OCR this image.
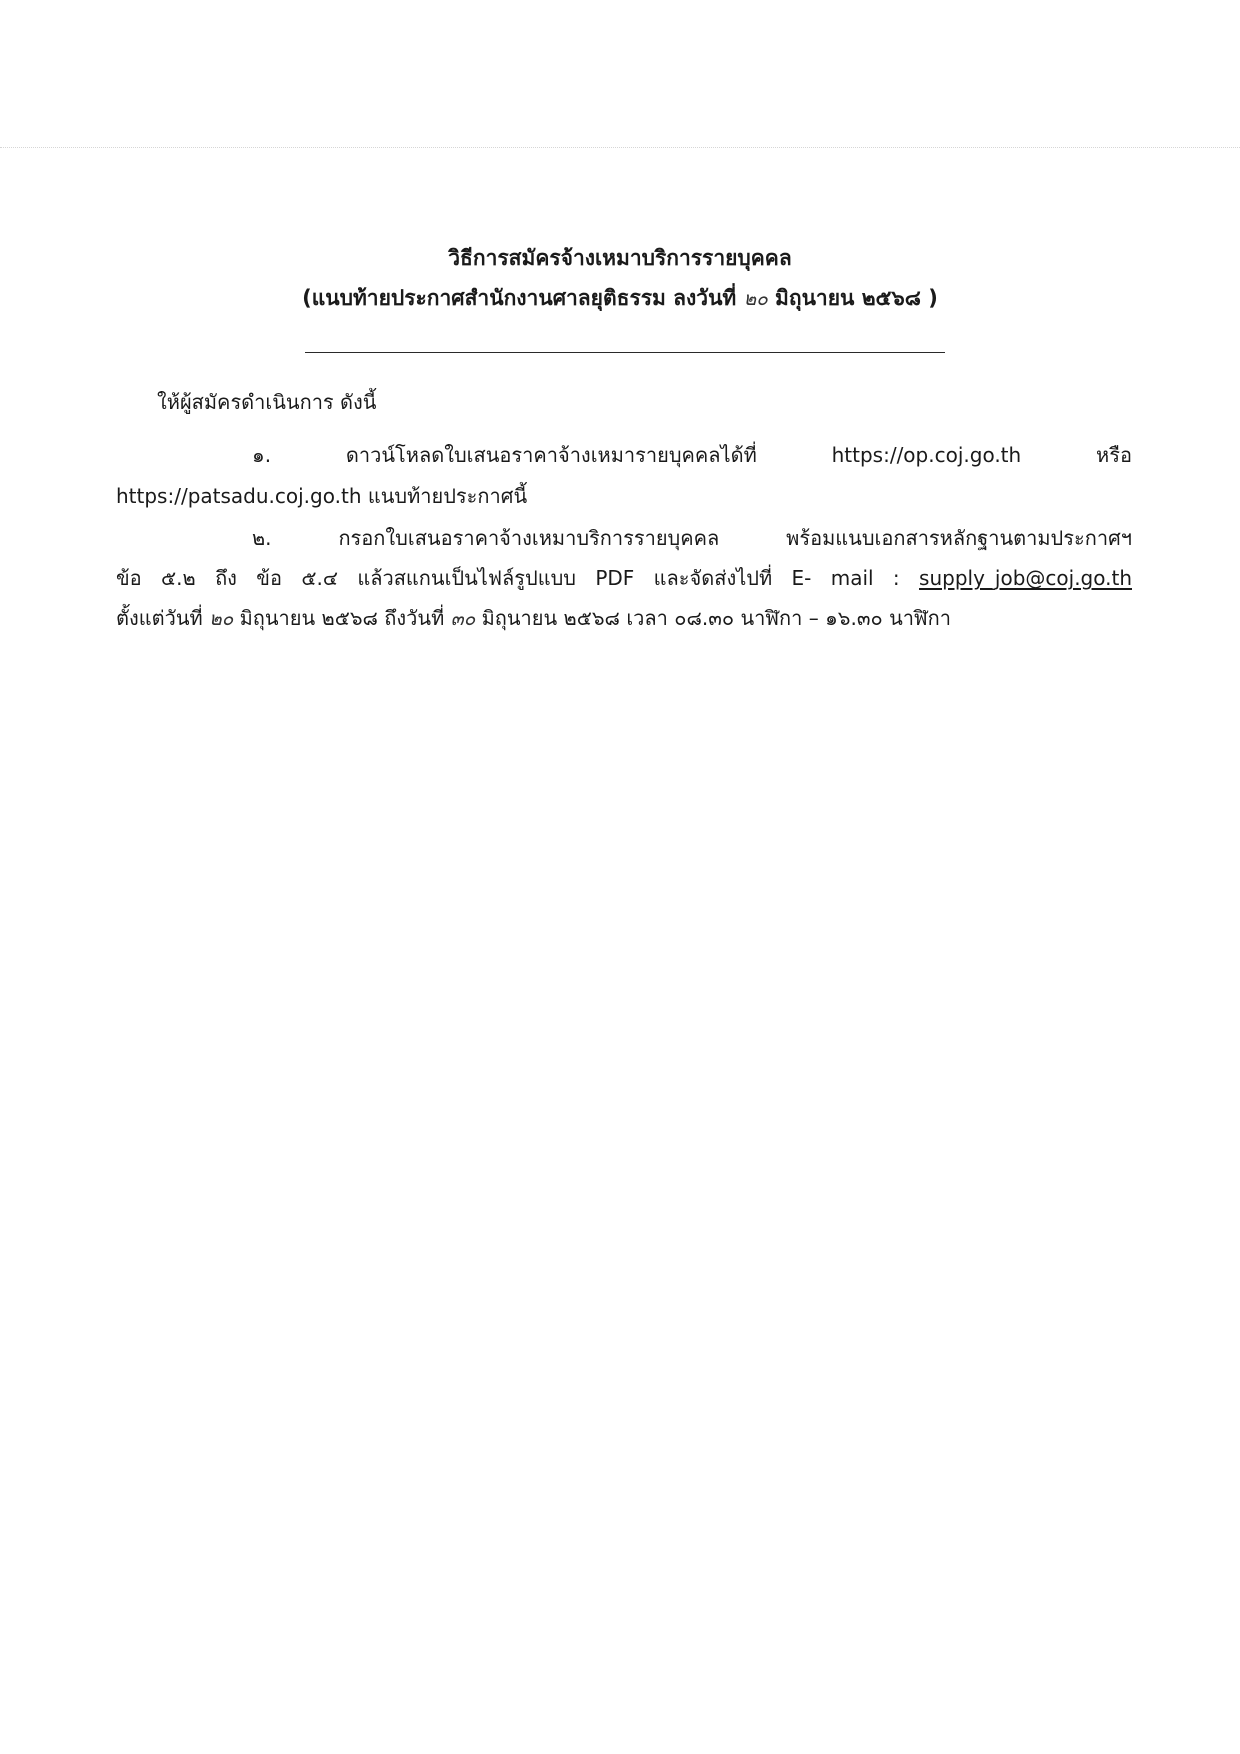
วิธีการสมัครจ้างเหมาบริการรายบุคคล
(แนบท้ายประกาศสำนักงานศาลยุติธรรม ลงวันที่ ๒๐ มิถุนายน ๒๕๖๘ )
ให้ผู้สมัครดำเนินการ ดังนี้
๑. ดาวน์โหลดใบเสนอราคาจ้างเหมารายบุคคลได้ที่ https://op.coj.go.th หรือ
https://patsadu.coj.go.th แนบท้ายประกาศนี้
๒. กรอกใบเสนอราคาจ้างเหมาบริการรายบุคคล พร้อมแนบเอกสารหลักฐานตามประกาศฯ
ข้อ ๕.๒ ถึง ข้อ ๕.๔ แล้วสแกนเป็นไฟล์รูปแบบ PDF และจัดส่งไปที่ E- mail : supply_job@coj.go.th
ตั้งแต่วันที่ ๒๐ มิถุนายน ๒๕๖๘ ถึงวันที่ ๓๐ มิถุนายน ๒๕๖๘ เวลา ๐๘.๓๐ นาฬิกา – ๑๖.๓๐ นาฬิกา
